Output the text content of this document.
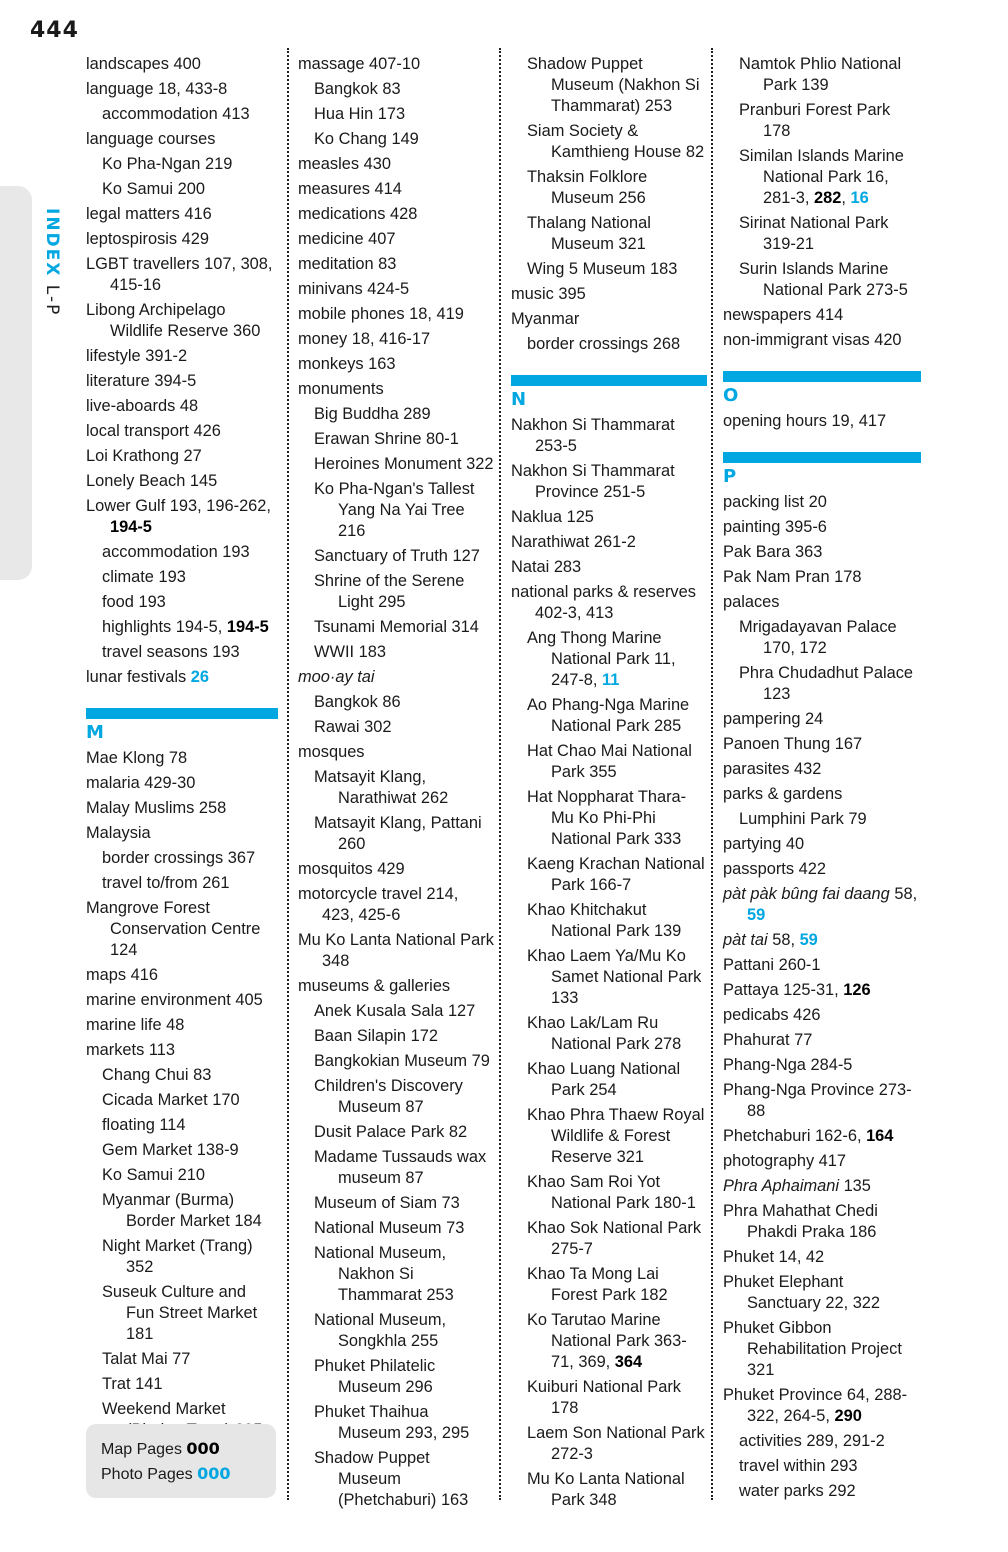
444
INDEX L-P
landscapes 400
language 18, 433-8
accommodation 413
language courses
Ko Pha-Ngan 219
Ko Samui 200
legal matters 416
leptospirosis 429
LGBT travellers 107, 308, 415-16
Libong Archipelago Wildlife Reserve 360
lifestyle 391-2
literature 394-5
live-aboards 48
local transport 426
Loi Krathong 27
Lonely Beach 145
Lower Gulf 193, 196-262, 194-5
accommodation 193
climate 193
food 193
highlights 194-5, 194-5
travel seasons 193
lunar festivals 26
M
Mae Klong 78
malaria 429-30
Malay Muslims 258
Malaysia
border crossings 367
travel to/from 261
Mangrove Forest Conservation Centre 124
maps 416
marine environment 405
marine life 48
markets 113
Chang Chui 83
Cicada Market 170
floating 114
Gem Market 138-9
Ko Samui 210
Myanmar (Burma) Border Market 184
Night Market (Trang) 352
Suseuk Culture and Fun Street Market 181
Talat Mai 77
Trat 141
Weekend Market
massage 407-10
Bangkok 83
Hua Hin 173
Ko Chang 149
measles 430
measures 414
medications 428
medicine 407
meditation 83
minivans 424-5
mobile phones 18, 419
money 18, 416-17
monkeys 163
monuments
Big Buddha 289
Erawan Shrine 80-1
Heroines Monument 322
Ko Pha-Ngan's Tallest Yang Na Yai Tree 216
Sanctuary of Truth 127
Shrine of the Serene Light 295
Tsunami Memorial 314
WWII 183
moo·ay tai
Bangkok 86
Rawai 302
mosques
Matsayit Klang, Narathiwat 262
Matsayit Klang, Pattani 260
mosquitos 429
motorcycle travel 214, 423, 425-6
Mu Ko Lanta National Park 348
museums & galleries
Anek Kusala Sala 127
Baan Silapin 172
Bangkokian Museum 79
Children's Discovery Museum 87
Dusit Palace Park 82
Madame Tussauds wax museum 87
Museum of Siam 73
National Museum 73
National Museum, Nakhon Si Thammarat 253
National Museum, Songkhla 255
Phuket Philatelic Museum 296
Phuket Thaihua Museum 293, 295
Shadow Puppet Museum (Phetchaburi) 163
Shadow Puppet Museum (Nakhon Si Thammarat) 253
Siam Society & Kamthieng House 82
Thaksin Folklore Museum 256
Thalang National Museum 321
Wing 5 Museum 183
music 395
Myanmar
border crossings 268
N
Nakhon Si Thammarat 253-5
Nakhon Si Thammarat Province 251-5
Naklua 125
Narathiwat 261-2
Natai 283
national parks & reserves 402-3, 413
Ang Thong Marine National Park 11, 247-8, 11
Ao Phang-Nga Marine National Park 285
Hat Chao Mai National Park 355
Hat Noppharat Thara-Mu Ko Phi-Phi National Park 333
Kaeng Krachan National Park 166-7
Khao Khitchakut National Park 139
Khao Laem Ya/Mu Ko Samet National Park 133
Khao Lak/Lam Ru National Park 278
Khao Luang National Park 254
Khao Phra Thaew Royal Wildlife & Forest Reserve 321
Khao Sam Roi Yot National Park 180-1
Khao Sok National Park 275-7
Khao Ta Mong Lai Forest Park 182
Ko Tarutao Marine National Park 363-71, 369, 364
Kuiburi National Park 178
Laem Son National Park 272-3
Mu Ko Lanta National Park 348
Namtok Phlio National Park 139
Pranburi Forest Park 178
Similan Islands Marine National Park 16, 281-3, 282, 16
Sirinat National Park 319-21
Surin Islands Marine National Park 273-5
newspapers 414
non-immigrant visas 420
O
opening hours 19, 417
P
packing list 20
painting 395-6
Pak Bara 363
Pak Nam Pran 178
palaces
Mrigadayavan Palace 170, 172
Phra Chudadhut Palace 123
pampering 24
Panoen Thung 167
parasites 432
parks & gardens
Lumphini Park 79
partying 40
passports 422
pàt pàk bûng fai daang 58, 59
pàt tai 58, 59
Pattani 260-1
Pattaya 125-31, 126
pedicabs 426
Phahurat 77
Phang-Nga 284-5
Phang-Nga Province 273-88
Phetchaburi 162-6, 164
photography 417
Phra Aphaimani 135
Phra Mahathat Chedi Phakdi Praka 186
Phuket 14, 42
Phuket Elephant Sanctuary 22, 322
Phuket Gibbon Rehabilitation Project 321
Phuket Province 64, 288-322, 264-5, 290
activities 289, 291-2
travel within 293
water parks 292
Map Pages 000
Photo Pages 000
